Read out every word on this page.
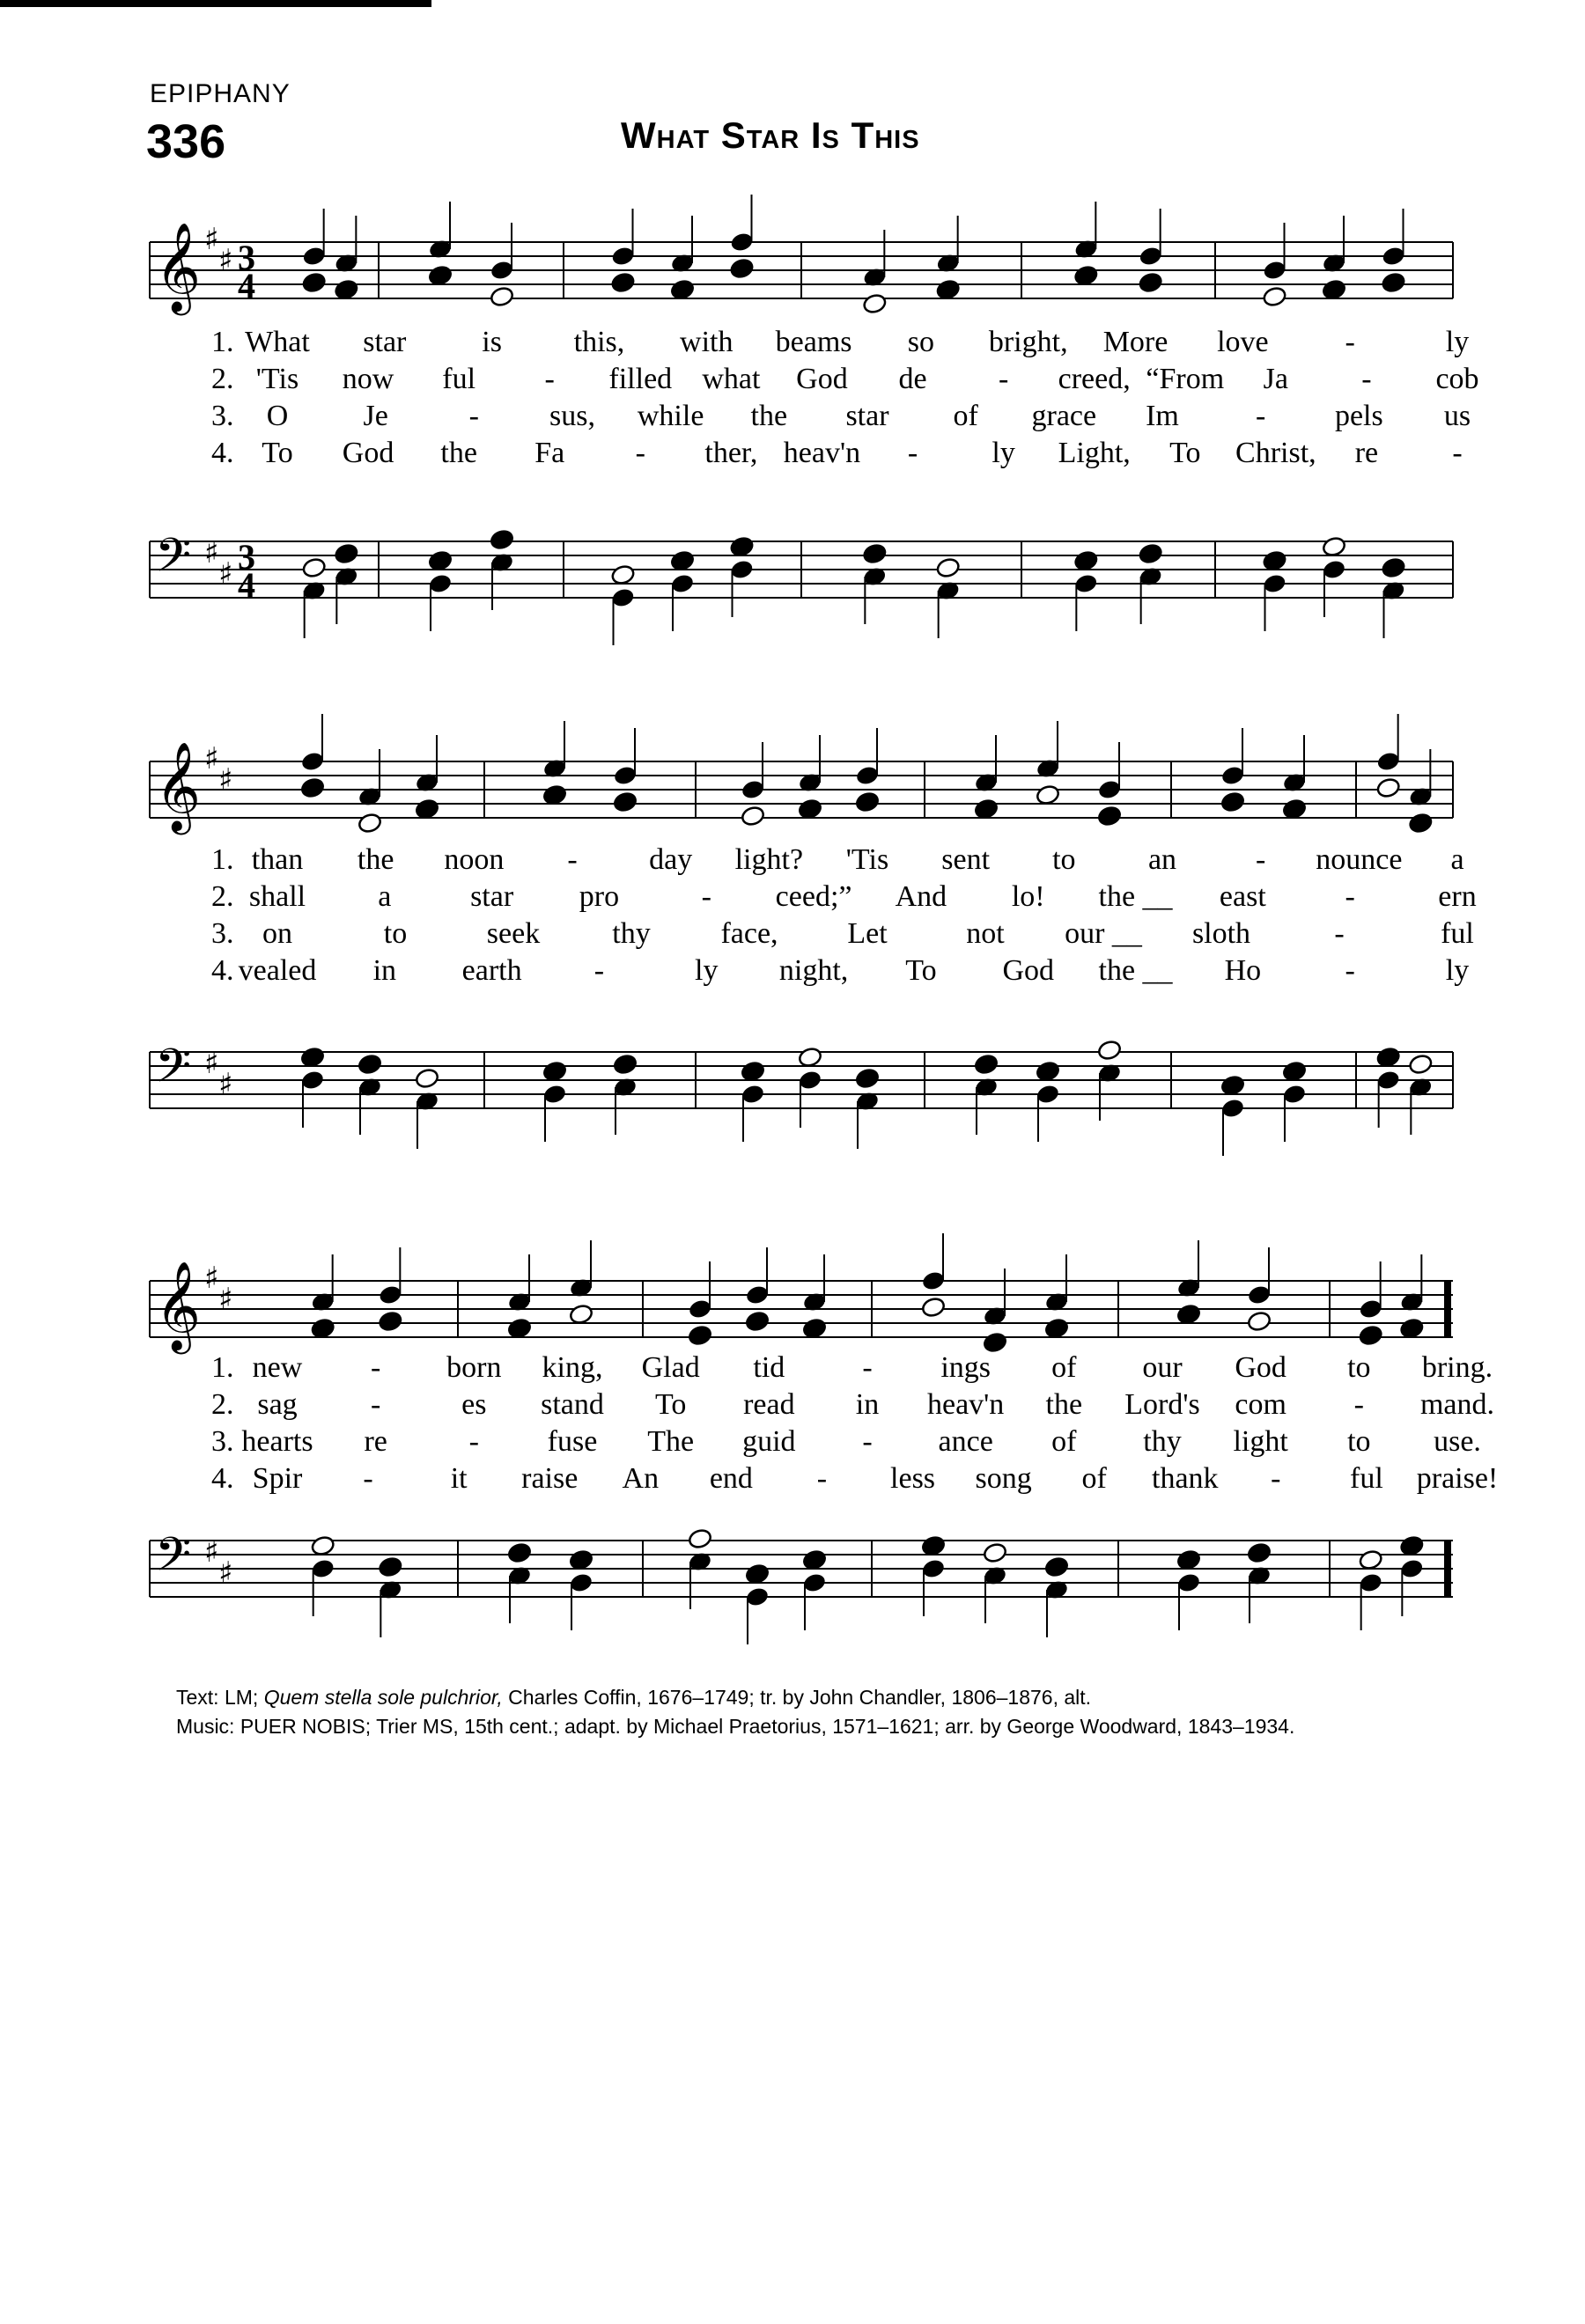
EPIPHANY
336	What Star Is This
𝄞 ♯
♯ 3
4
1. What star	is this, with beams so bright, More love	-	ly
2. 'Tis now ful - filled what God de - creed, “From Ja - cob
3. O	Je	- sus, while the star of grace Im	- pels us
4. To God the Fa - ther, heav'n - ly Light, To Christ, re -
𝄢 ♯
♯ 3
4
𝄞 ♯
♯
1. than the noon - day light? 'Tis sent to an	- nounce a
2. shall a	star pro	- ceed;” And lo! the __ east	-	ern
3. on	to	seek thy face, Let	not our __ sloth	-	ful
4. vealed in earth -	ly night, To God the __ Ho	-	ly
𝄢 ♯
♯
𝄞 ♯
♯
1. new - born king, Glad tid	- ings of our God to bring.
2. sag -	es stand To read in heav'n the Lord's com - mand.
3. hearts re	- fuse The guid - ance of thy light to use.
4. Spir -	it raise An end - less song of thank - ful praise!
𝄢 ♯
♯
Text: LM; Quem stella sole pulchrior, Charles Coffin, 1676–1749; tr. by John Chandler, 1806–1876, alt.
Music: PUER NOBIS; Trier MS, 15th cent.; adapt. by Michael Praetorius, 1571–1621; arr. by George Woodward, 1843–1934.
